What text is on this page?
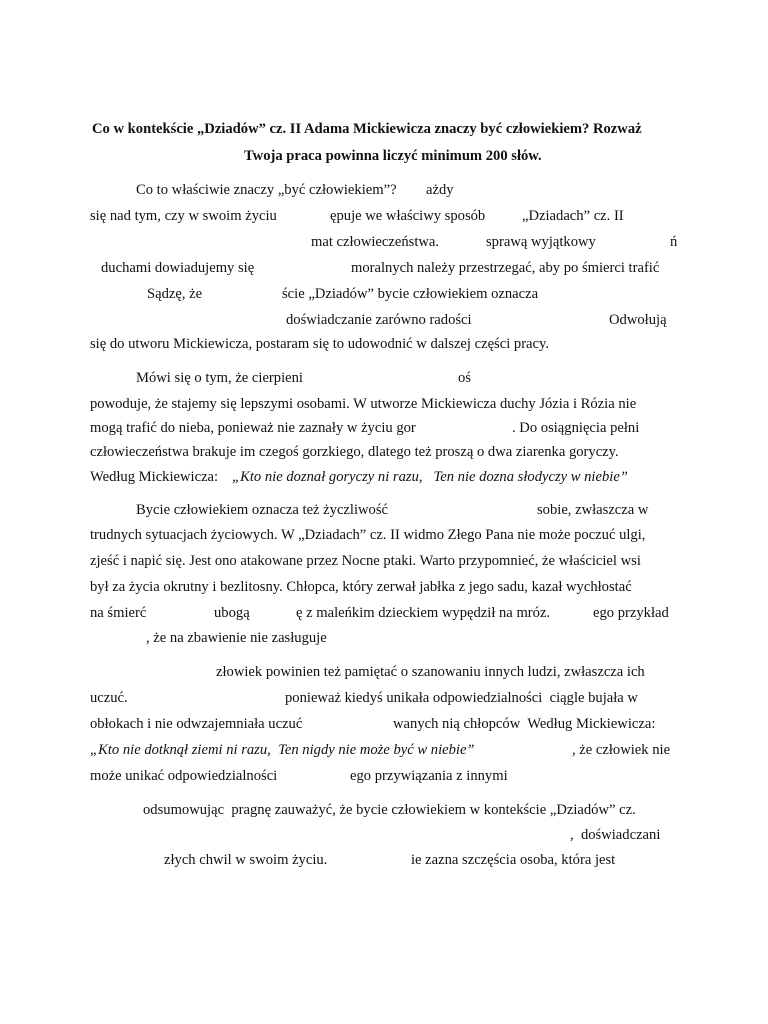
Co w kontekście „Dziadów” cz. II Adama Mickiewicza znaczy być człowiekiem? Rozważ
Twoja praca powinna liczyć minimum 200 słów.
Co to właściwie znaczy „być człowiekiem”? ażdy
się nad tym, czy w swoim życiu	ępuje we właściwy sposób	„Dziadach” cz. II
mat człowieczeństwa.	sprawą wyjątkowy	ń
duchami dowiadujemy się	moralnych należy przestrzegać, aby po śmierci trafić
Sądzę, że	ście „Dziadów” bycie człowiekiem oznacza
doświadczanie zarówno radości	Odwołują
się do utworu Mickiewicza, postaram się to udowodnić w dalszej części pracy.
Mówi się o tym, że cierpieni	oś
powoduje, że stajemy się lepszymi osobami. W utworze Mickiewicza duchy Józia i Rózia nie
mogą trafić do nieba, ponieważ nie zaznały w życiu gor	. Do osiągnięcia pełni
człowieczeństwa brakuje im czegoś gorzkiego, dlatego też proszą o dwa ziarenka goryczy.
Według Mickiewicza: „Kto nie doznał goryczy ni razu,   Ten nie dozna słodyczy w niebie”
Bycie człowiekiem oznacza też życzliwość	sobie, zwłaszcza w
trudnych sytuacjach życiowych. W „Dziadach” cz. II widmo Złego Pana nie może poczuć ulgi,
zjeść i napić się. Jest ono atakowane przez Nocne ptaki. Warto przypomnieć, że właściciel wsi
był za życia okrutny i bezlitosny. Chłopca, który zerwał jabłka z jego sadu, kazał wychłostać
na śmierć	ubogą	ę z maleńkim dzieckiem wypędził na mróz.	ego przykład
, że na zbawienie nie zasługuje
złowiek powinien też pamiętać o szanowaniu innych ludzi, zwłaszcza ich
uczuć.	ponieważ kiedyś unikała odpowiedzialności  ciągle bujała w
obłokach i nie odwzajemniała uczuć	wanych nią chłopców  Według Mickiewicza:
„Kto nie dotknął ziemi ni razu,  Ten nigdy nie może być w niebie”	, że człowiek nie
może unikać odpowiedzialności	ego przywiązania z innymi
odsumowując  pragnę zauważyć, że bycie człowiekiem w kontekście „Dziadów” cz.
,  doświadczani
złych chwil w swoim życiu.	ie zazna szczęścia osoba, która jest
